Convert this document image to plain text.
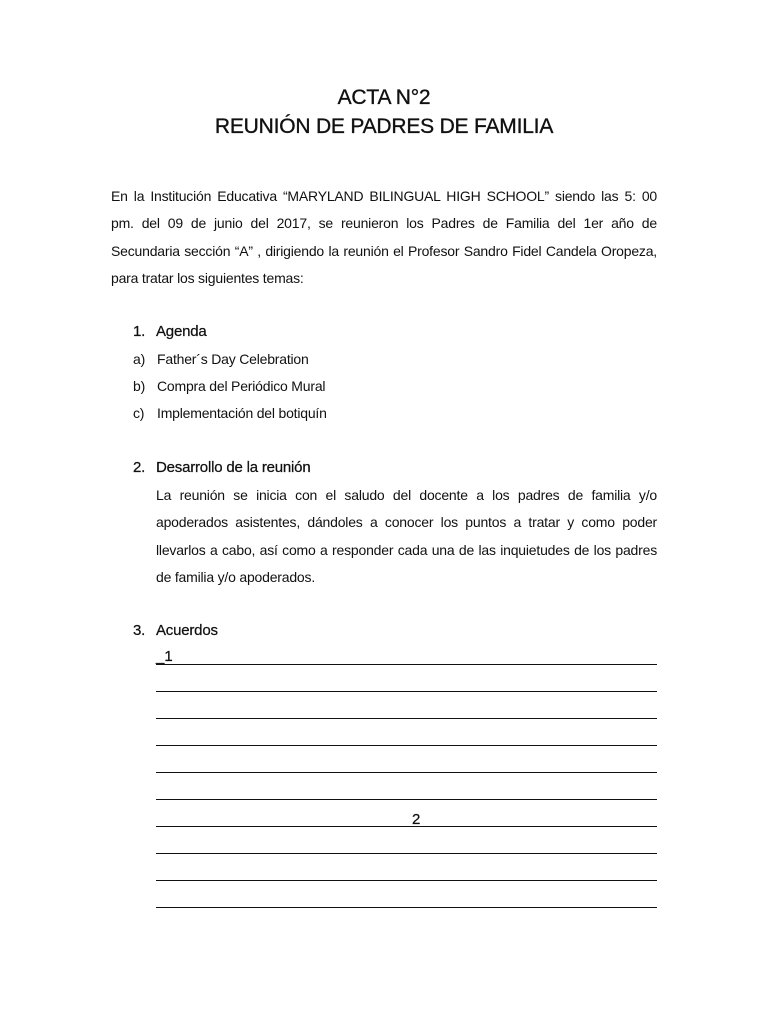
ACTA N°2
REUNIÓN DE PADRES DE FAMILIA
En la Institución Educativa “MARYLAND BILINGUAL HIGH SCHOOL” siendo las 5: 00 pm. del 09 de junio del 2017, se reunieron los Padres de Familia del 1er año de Secundaria sección “A” , dirigiendo la reunión el Profesor Sandro Fidel Candela Oropeza, para tratar los siguientes temas:
1. Agenda
a) Father´s Day Celebration
b) Compra del Periódico Mural
c) Implementación del botiquín
2. Desarrollo de la reunión
La reunión se inicia con el saludo del docente a los padres de familia y/o apoderados asistentes, dándoles a conocer los puntos a tratar y como poder llevarlos a cabo, así como a responder cada una de las inquietudes de los padres de familia y/o apoderados.
3. Acuerdos
_1
2
